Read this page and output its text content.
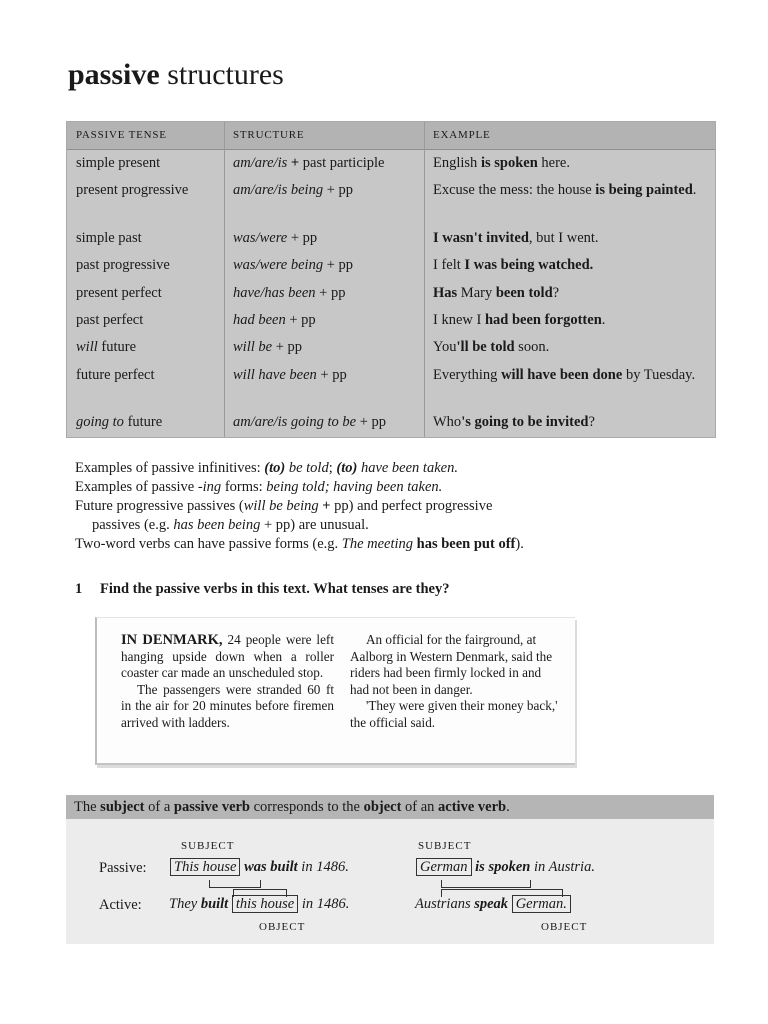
passive structures
PASSIVE TENSE	STRUCTURE	EXAMPLE
simple present	am/are/is + past participle	English is spoken here.
present progressive	am/are/is being + pp	Excuse the mess: the house is being painted.
simple past	was/were + pp	I wasn't invited, but I went.
past progressive	was/were being + pp	I felt I was being watched.
present perfect	have/has been + pp	Has Mary been told?
past perfect	had been + pp	I knew I had been forgotten.
will future	will be + pp	You'll be told soon.
future perfect	will have been + pp	Everything will have been done by Tuesday.
going to future	am/are/is going to be + pp	Who's going to be invited?

Examples of passive infinitives: (to) be told; (to) have been taken.

Examples of passive -ing forms: being told; having been taken.

Future progressive passives (will be being + pp) and perfect progressive

passives (e.g. has been being + pp) are unusual.

Two-word verbs can have passive forms (e.g. The meeting has been put off).

1 Find the passive verbs in this text. What tenses are they?

IN DENMARK, 24 people were left hanging upside down when a roller coaster car made an unscheduled stop.

The passengers were stranded 60 ft in the air for 20 minutes before firemen arrived with ladders.

An official for the fairground, at Aalborg in Western Denmark, said the riders had been firmly locked in and had not been in danger.

'They were given their money back,' the official said.

The subject of a passive verb corresponds to the object of an active verb.
SUBJECT	SUBJECT
Passive:
Active:
This house was built in 1486.
They built this house in 1486.
German is spoken in Austria.
Austrians speak German.
OBJECT	OBJECT
